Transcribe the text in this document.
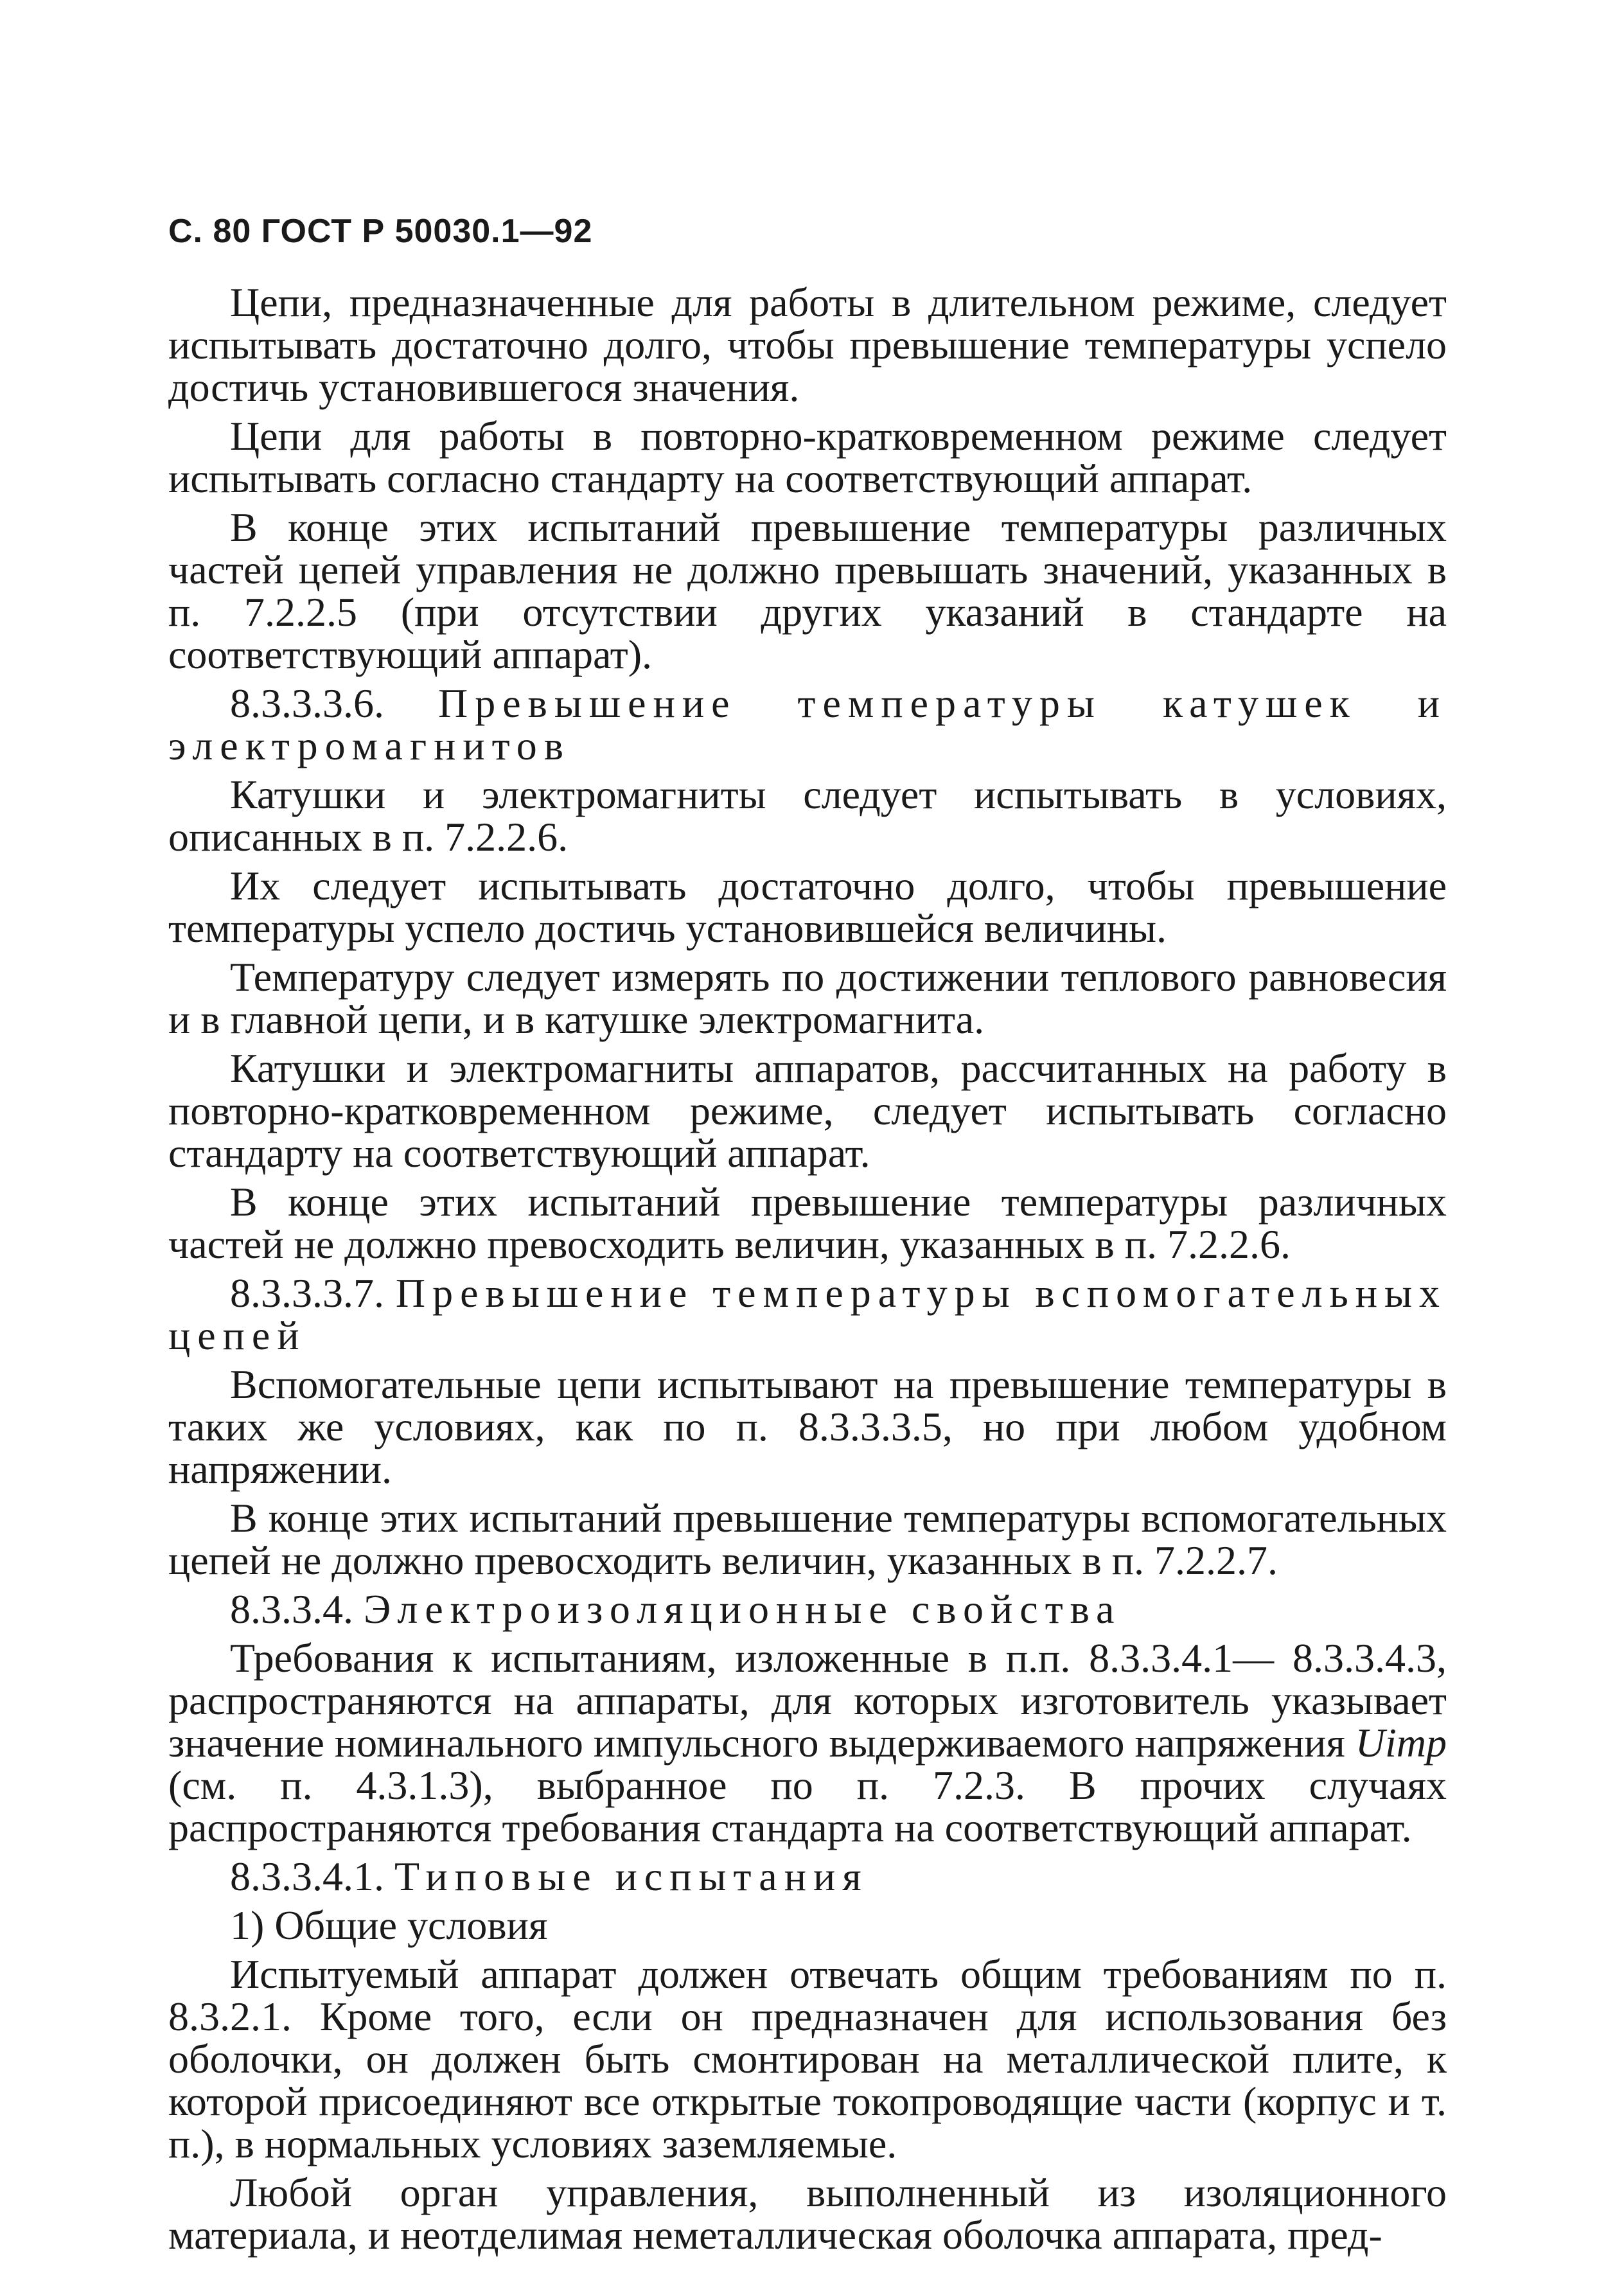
С. 80 ГОСТ Р 50030.1—92

Цепи, предназначенные для работы в длительном режиме, следует испытывать достаточно долго, чтобы превышение температуры успело достичь установившегося значения.

Цепи для работы в повторно-кратковременном режиме следует испытывать согласно стандарту на соответствующий аппарат.

В конце этих испытаний превышение температуры различных частей цепей управления не должно превышать значений, указанных в п. 7.2.2.5 (при отсутствии других указаний в стандарте на соответствующий аппарат).

8.3.3.3.6. Превышение температуры катушек и электромагнитов

Катушки и электромагниты следует испытывать в условиях, описанных в п. 7.2.2.6.

Их следует испытывать достаточно долго, чтобы превышение температуры успело достичь установившейся величины.

Температуру следует измерять по достижении теплового равновесия и в главной цепи, и в катушке электромагнита.

Катушки и электромагниты аппаратов, рассчитанных на работу в повторно-кратковременном режиме, следует испытывать согласно стандарту на соответствующий аппарат.

В конце этих испытаний превышение температуры различных частей не должно превосходить величин, указанных в п. 7.2.2.6.

8.3.3.3.7. Превышение температуры вспомогательных цепей

Вспомогательные цепи испытывают на превышение температуры в таких же условиях, как по п. 8.3.3.3.5, но при любом удобном напряжении.

В конце этих испытаний превышение температуры вспомогательных цепей не должно превосходить величин, указанных в п. 7.2.2.7.

8.3.3.4. Электроизоляционные свойства

Требования к испытаниям, изложенные в п.п. 8.3.3.4.1— 8.3.3.4.3, распространяются на аппараты, для которых изготовитель указывает значение номинального импульсного выдерживаемого напряжения Uimp (см. п. 4.3.1.3), выбранное по п. 7.2.3. В прочих случаях распространяются требования стандарта на соответствующий аппарат.

8.3.3.4.1. Типовые испытания

1) Общие условия

Испытуемый аппарат должен отвечать общим требованиям по п. 8.3.2.1. Кроме того, если он предназначен для использования без оболочки, он должен быть смонтирован на металлической плите, к которой присоединяют все открытые токопроводящие части (корпус и т. п.), в нормальных условиях заземляемые.

Любой орган управления, выполненный из изоляционного материала, и неотделимая неметаллическая оболочка аппарата, пред-
